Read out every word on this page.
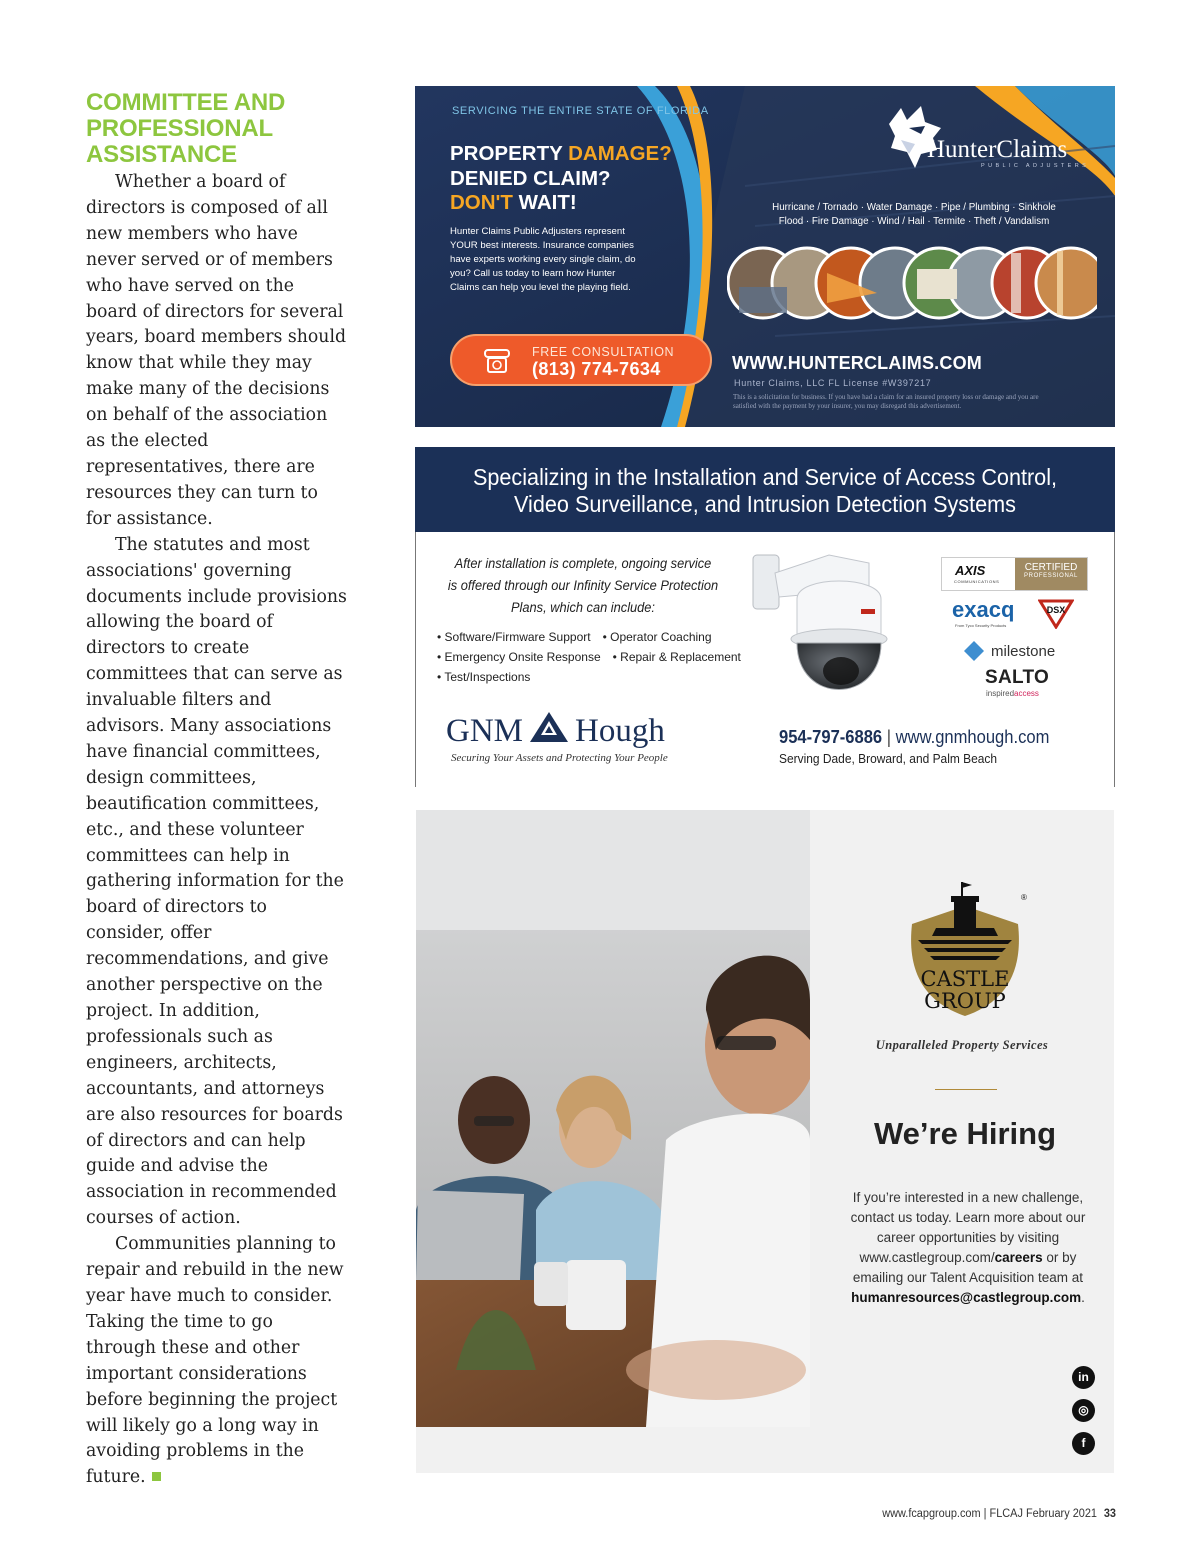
COMMITTEE AND
PROFESSIONAL
ASSISTANCE

Whether a board of directors is composed of all new members who have never served or of members who have served on the board of directors for several years, board members should know that while they may make many of the decisions on behalf of the association as the elected representatives, there are resources they can turn to for assistance.

The statutes and most associations' governing documents include provisions allowing the board of directors to create committees that can serve as invaluable filters and advisors. Many associations have financial committees, design committees, beautification committees, etc., and these volunteer committees can help in gathering information for the board of directors to consider, offer recommendations, and give another perspective on the project. In addition, professionals such as engineers, architects, accountants, and attorneys are also resources for boards of directors and can help guide and advise the association in recommended courses of action.

Communities planning to repair and rebuild in the new year have much to consider. Taking the time to go through these and other important considerations before beginning the project will likely go a long way in avoiding problems in the future.

SERVICING THE ENTIRE STATE OF FLORIDA
PROPERTY DAMAGE?
DENIED CLAIM?
DON'T WAIT!
Hunter Claims Public Adjusters represent YOUR best interests. Insurance companies have experts working every single claim, do you? Call us today to learn how Hunter Claims can help you level the playing field.
FREE CONSULTATION
(813) 774-7634
HunterClaims
PUBLIC ADJUSTERS
Hurricane / Tornado · Water Damage · Pipe / Plumbing · Sinkhole
Flood · Fire Damage · Wind / Hail · Termite · Theft / Vandalism
WWW.HUNTERCLAIMS.COM
Hunter Claims, LLC FL License #W397217
This is a solicitation for business. If you have had a claim for an insured property loss or damage and you are satisfied with the payment by your insurer, you may disregard this advertisement.
Specializing in the Installation and Service of Access Control,
Video Surveillance, and Intrusion Detection Systems
After installation is complete, ongoing service
is offered through our Infinity Service Protection
Plans, which can include:
• Software/Firmware Support • Operator Coaching
• Emergency Onsite Response • Repair & Replacement
• Test/Inspections
GNM Hough
Securing Your Assets and Protecting Your People
954-797-6886 | www.gnmhough.com
Serving Dade, Broward, and Palm Beach
AXIS
COMMUNICATIONS
CERTIFIED
PROFESSIONAL
exacq
From Tyco Security Products
DSX
milestone
SALTO
inspiredaccess
CASTLE
GROUP
®
Unparalleled Property Services
We’re Hiring
If you’re interested in a new challenge,
contact us today. Learn more about our
career opportunities by visiting
www.castlegroup.com/careers or by
emailing our Talent Acquisition team at
humanresources@castlegroup.com.
in
◎
f
www.fcapgroup.com | FLCAJ February 2021 33
